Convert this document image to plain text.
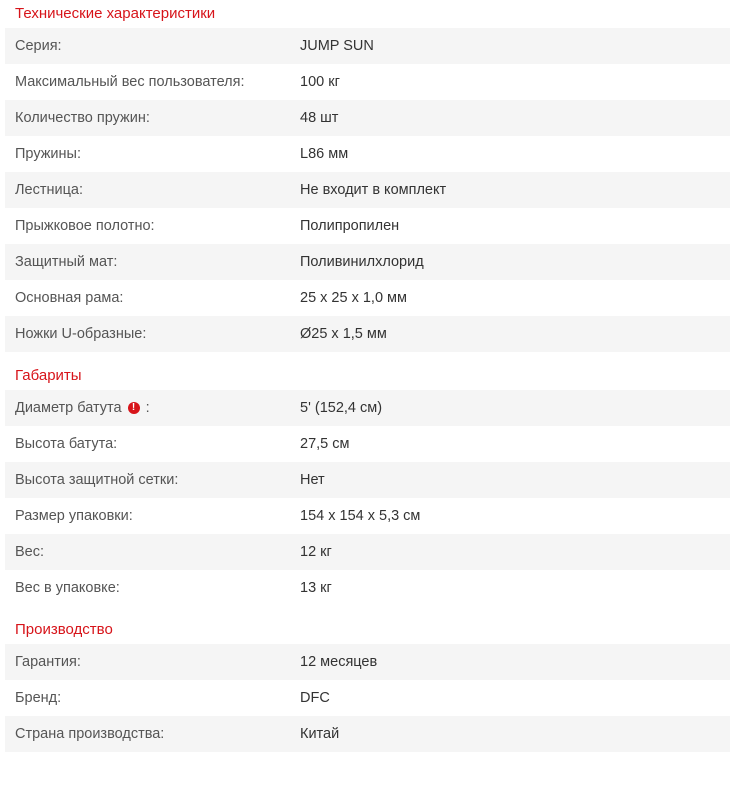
Технические характеристики
Серия:	JUMP SUN
Максимальный вес пользователя:	100 кг
Количество пружин:	48 шт
Пружины:	L86 мм
Лестница:	Не входит в комплект
Прыжковое полотно:	Полипропилен
Защитный мат:	Поливинилхлорид
Основная рама:	25 х 25 х 1,0 мм
Ножки U-образные:	Ø25 х 1,5 мм
Габариты
Диаметр батута	! :	5' (152,4 см)
Высота батута:	27,5 см
Высота защитной сетки:	Нет
Размер упаковки:	154 х 154 х 5,3 см
Вес:	12 кг
Вес в упаковке:	13 кг
Производство
Гарантия:	12 месяцев
Бренд:	DFC
Страна производства:	Китай
